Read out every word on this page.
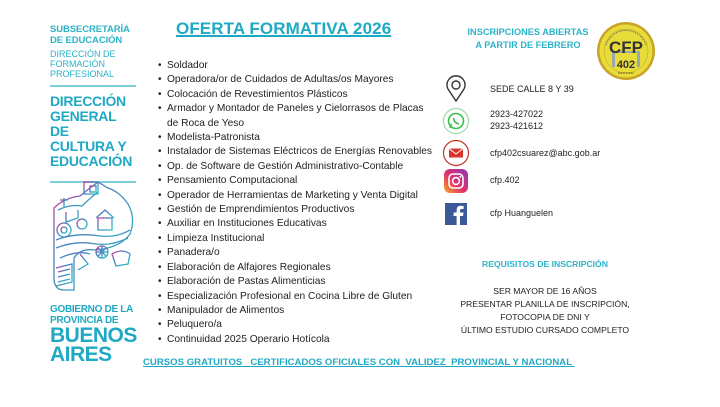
SUBSECRETARÍA DE EDUCACIÓN
DIRECCIÓN DE FORMACIÓN PROFESIONAL
DIRECCIÓN
GENERAL DE
CULTURA Y
EDUCACIÓN
GOBIERNO DE LA
PROVINCIA DE
BUENOS
AIRES
OFERTA FORMATIVA 2026
• Soldador
• Operadora/or de Cuidados de Adultas/os Mayores
• Colocación de Revestimientos Plásticos
• Armador y Montador de Paneles y Cielorrasos de Placas de Roca de Yeso
• Modelista-Patronista
• Instalador de Sistemas Eléctricos de Energías Renovables
• Op. de Software de Gestión Administrativo-Contable
• Pensamiento Computacional
• Operador de Herramientas de Marketing y Venta Digital
• Gestión de Emprendimientos Productivos
• Auxiliar en Instituciones Educativas
• Limpieza Institucional
• Panadera/o
• Elaboración de Alfajores Regionales
• Elaboración de Pastas Alimenticias
• Especialización Profesional en Cocina Libre de Gluten
• Manipulador de Alimentos
• Peluquero/a
• Continuidad 2025 Operario Hotícola
CURSOS GRATUITOS   CERTIFICADOS OFICIALES CON  VALIDEZ  PROVINCIAL Y NACIONAL
INSCRIPCIONES ABIERTAS
A PARTIR DE FEBRERO	CFP
402
SEDE CALLE 8 Y 39
2923-427022
2923-421612
cfp402csuarez@abc.gob.ar
cfp.402
cfp Huanguelen
REQUISITOS DE INSCRIPCIÓN
SER MAYOR DE 16 AÑOS
PRESENTAR PLANILLA DE INSCRIPCIÓN,
FOTOCOPIA DE DNI Y
ÚLTIMO ESTUDIO CURSADO COMPLETO
